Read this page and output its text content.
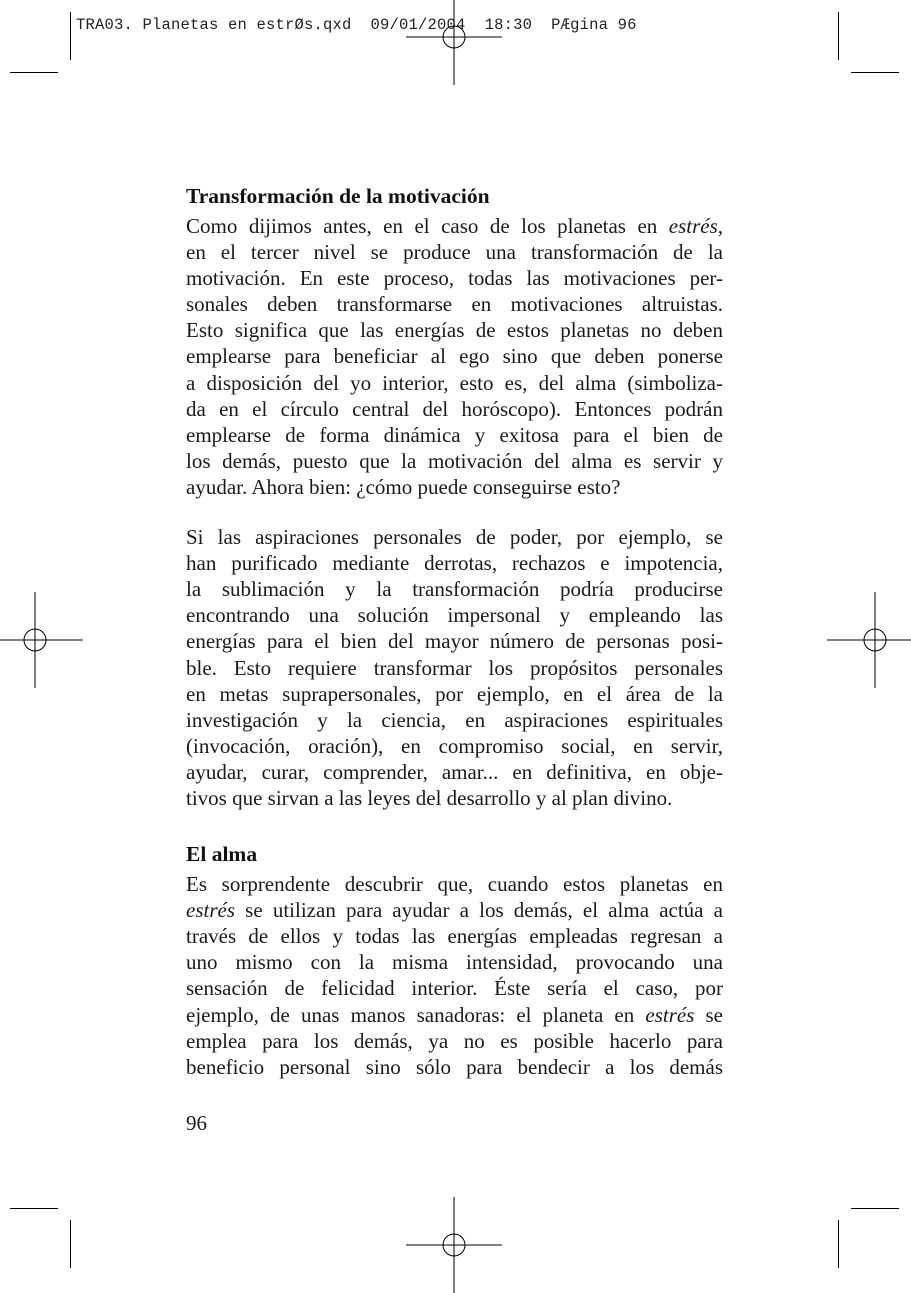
TRA03. Planetas en estrØs.qxd  09/01/2004  18:30  PÆgina 96
Transformación de la motivación

Como dijimos antes, en el caso de los planetas en estrés,
en el tercer nivel se produce una transformación de la
motivación. En este proceso, todas las motivaciones per-
sonales deben transformarse en motivaciones altruistas.
Esto significa que las energías de estos planetas no deben
emplearse para beneficiar al ego sino que deben ponerse
a disposición del yo interior, esto es, del alma (simboliza-
da en el círculo central del horóscopo). Entonces podrán
emplearse de forma dinámica y exitosa para el bien de
los demás, puesto que la motivación del alma es servir y
ayudar. Ahora bien: ¿cómo puede conseguirse esto?

Si las aspiraciones personales de poder, por ejemplo, se
han purificado mediante derrotas, rechazos e impotencia,
la sublimación y la transformación podría producirse
encontrando una solución impersonal y empleando las
energías para el bien del mayor número de personas posi-
ble. Esto requiere transformar los propósitos personales
en metas suprapersonales, por ejemplo, en el área de la
investigación y la ciencia, en aspiraciones espirituales
(invocación, oración), en compromiso social, en servir,
ayudar, curar, comprender, amar... en definitiva, en obje-
tivos que sirvan a las leyes del desarrollo y al plan divino.

El alma

Es sorprendente descubrir que, cuando estos planetas en
estrés se utilizan para ayudar a los demás, el alma actúa a
través de ellos y todas las energías empleadas regresan a
uno mismo con la misma intensidad, provocando una
sensación de felicidad interior. Éste sería el caso, por
ejemplo, de unas manos sanadoras: el planeta en estrés se
emplea para los demás, ya no es posible hacerlo para
beneficio personal sino sólo para bendecir a los demás

96
